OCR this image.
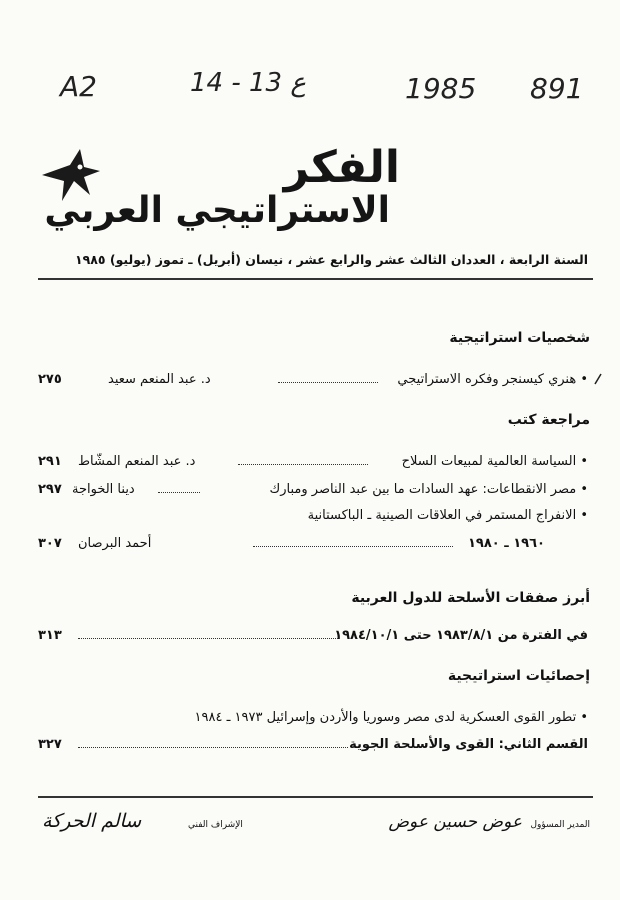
A2	14 - 13 ع	1985 891
الفكر
الاستراتيجي العربي
السنة الرابعة ، العددان الثالث عشر والرابع عشر ، نيسان (أبريل) ـ تموز (يوليو) ١٩٨٥
شخصيات استراتيجية
• هنري كيسنجر وفكره الاستراتيجي
د. عبد المنعم سعيد
٢٧٥
مراجعة كتب
• السياسة العالمية لمبيعات السلاح
د. عبد المنعم المشّاط
٢٩١
• مصر الانقطاعات: عهد السادات ما بين عبد الناصر ومبارك
دينا الخواجة
٢٩٧
• الانفراج المستمر في العلاقات الصينية ـ الباكستانية
١٩٦٠ ـ ١٩٨٠
أحمد البرصان
٣٠٧
أبرز صفقات الأسلحة للدول العربية
في الفترة من ١٩٨٣/٨/١ حتى ١٩٨٤/١٠/١
٣١٣
إحصائيات استراتيجية
• تطور القوى العسكرية لدى مصر وسوريا والأردن وإسرائيل ١٩٧٣ ـ ١٩٨٤
القسم الثاني: القوى والأسلحة الجوية
٣٢٧
المدير المسؤول
عوض حسين عوض
الإشراف الفني
سالم الحركة
